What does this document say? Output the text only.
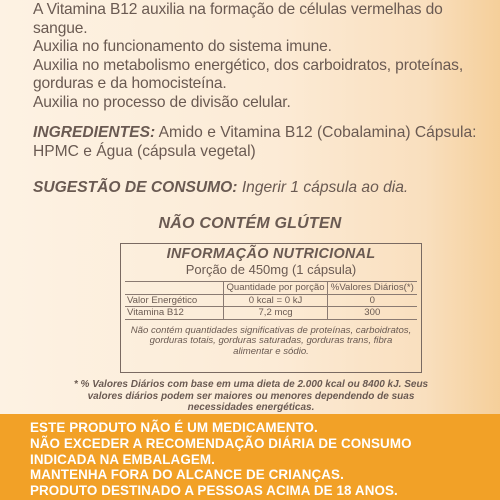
A Vitamina B12 auxilia na formação de células vermelhas do sangue.

Auxilia no funcionamento do sistema imune.

Auxilia no metabolismo energético, dos carboidratos, proteínas, gorduras e da homocisteína.

Auxilia no processo de divisão celular.

INGREDIENTES: Amido e Vitamina B12 (Cobalamina) Cápsula: HPMC e Água (cápsula vegetal)
SUGESTÃO DE CONSUMO: Ingerir 1 cápsula ao dia.
NÃO CONTÉM GLÚTEN
INFORMAÇÃO NUTRICIONAL
Porção de 450mg (1 cápsula)
	Quantidade por porção	%Valores Diários(*)
Valor Energético	0 kcal = 0 kJ	0
Vitamina B12	7,2 mcg	300
Não contém quantidades significativas de proteínas, carboidratos, gorduras totais, gorduras saturadas, gorduras trans, fibra alimentar e sódio.
* % Valores Diários com base em uma dieta de 2.000 kcal ou 8400 kJ. Seus valores diários podem ser maiores ou menores dependendo de suas necessidades energéticas.

ESTE PRODUTO NÃO É UM MEDICAMENTO.

NÃO EXCEDER A RECOMENDAÇÃO DIÁRIA DE CONSUMO

INDICADA NA EMBALAGEM.

MANTENHA FORA DO ALCANCE DE CRIANÇAS.

PRODUTO DESTINADO A PESSOAS ACIMA DE 18 ANOS.
